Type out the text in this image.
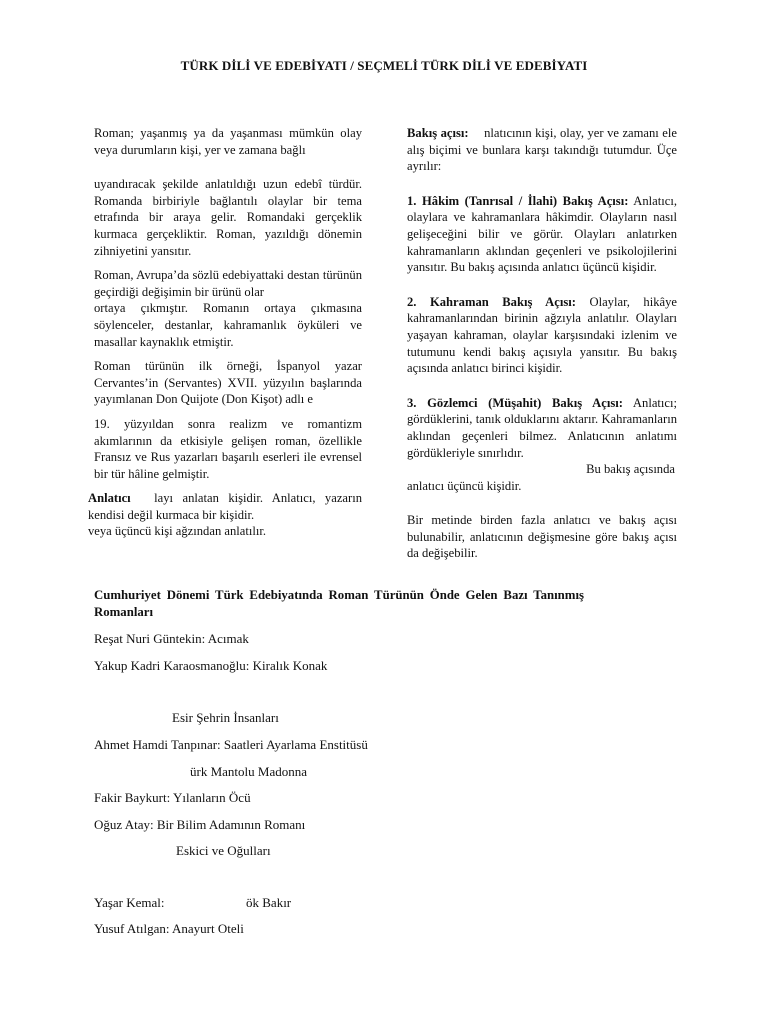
TÜRK DİLİ VE EDEBİYATI / SEÇMELİ TÜRK DİLİ VE EDEBİYATI

Roman; yaşanmış ya da yaşanması mümkün olay veya durumların kişi, yer ve zamana bağlı

uyandıracak şekilde anlatıldığı uzun edebî türdür. Romanda birbiriyle bağlantılı olaylar bir tema etrafında bir araya gelir. Romandaki gerçeklik kurmaca gerçekliktir. Roman, yazıldığı dönemin zihniyetini yansıtır.

Roman, Avrupa’da sözlü edebiyattaki destan türünün geçirdiği değişimin bir ürünü olar

ortaya çıkmıştır. Romanın ortaya çıkmasına söylenceler, destanlar, kahramanlık öyküleri ve masallar kaynaklık etmiştir.

Roman türünün ilk örneği, İspanyol yazar Cervantes’in (Servantes) XVII. yüzyılın başlarında yayımlanan Don Quijote (Don Kişot) adlı e

19. yüzyıldan sonra realizm ve romantizm akımlarının da etkisiyle gelişen roman, özellikle Fransız ve Rus yazarları başarılı eserleri ile evrensel bir tür hâline gelmiştir.

Anlatıcı layı anlatan kişidir. Anlatıcı, yazarın kendisi değil kurmaca bir kişidir.

veya üçüncü kişi ağzından anlatılır.

Bakış açısı: nlatıcının kişi, olay, yer ve zamanı ele alış biçimi ve bunlara karşı takındığı tutumdur. Üçe ayrılır:

1. Hâkim (Tanrısal / İlahi) Bakış Açısı: Anlatıcı, olaylara ve kahramanlara hâkimdir. Olayların nasıl gelişeceğini bilir ve görür. Olayları anlatırken kahramanların aklından geçenleri ve psikolojilerini yansıtır. Bu bakış açısında anlatıcı üçüncü kişidir.

2. Kahraman Bakış Açısı: Olaylar, hikâye kahramanlarından birinin ağzıyla anlatılır. Olayları yaşayan kahraman, olaylar karşısındaki izlenim ve tutumunu kendi bakış açısıyla yansıtır. Bu bakış açısında anlatıcı birinci kişidir.

3. Gözlemci (Müşahit) Bakış Açısı: Anlatıcı; gördüklerini, tanık olduklarını aktarır. Kahramanların aklından geçenleri bilmez. Anlatıcının anlatımı gördükleriyle sınırlıdır.

Bu bakış açısında

anlatıcı üçüncü kişidir.

Bir metinde birden fazla anlatıcı ve bakış açısı bulunabilir, anlatıcının değişmesine göre bakış açısı da değişebilir.

Cumhuriyet Dönemi Türk Edebiyatında Roman Türünün Önde Gelen Bazı Tanınmış Romanları

Reşat Nuri Güntekin: Acımak

Yakup Kadri Karaosmanoğlu: Kiralık Konak

Esir Şehrin İnsanları

Ahmet Hamdi Tanpınar: Saatleri Ayarlama Enstitüsü

ürk Mantolu Madonna

Fakir Baykurt: Yılanların Öcü

Oğuz Atay: Bir Bilim Adamının Romanı

Eskici ve Oğulları

Yaşar Kemal:	ök Bakır

Yusuf Atılgan: Anayurt Oteli
